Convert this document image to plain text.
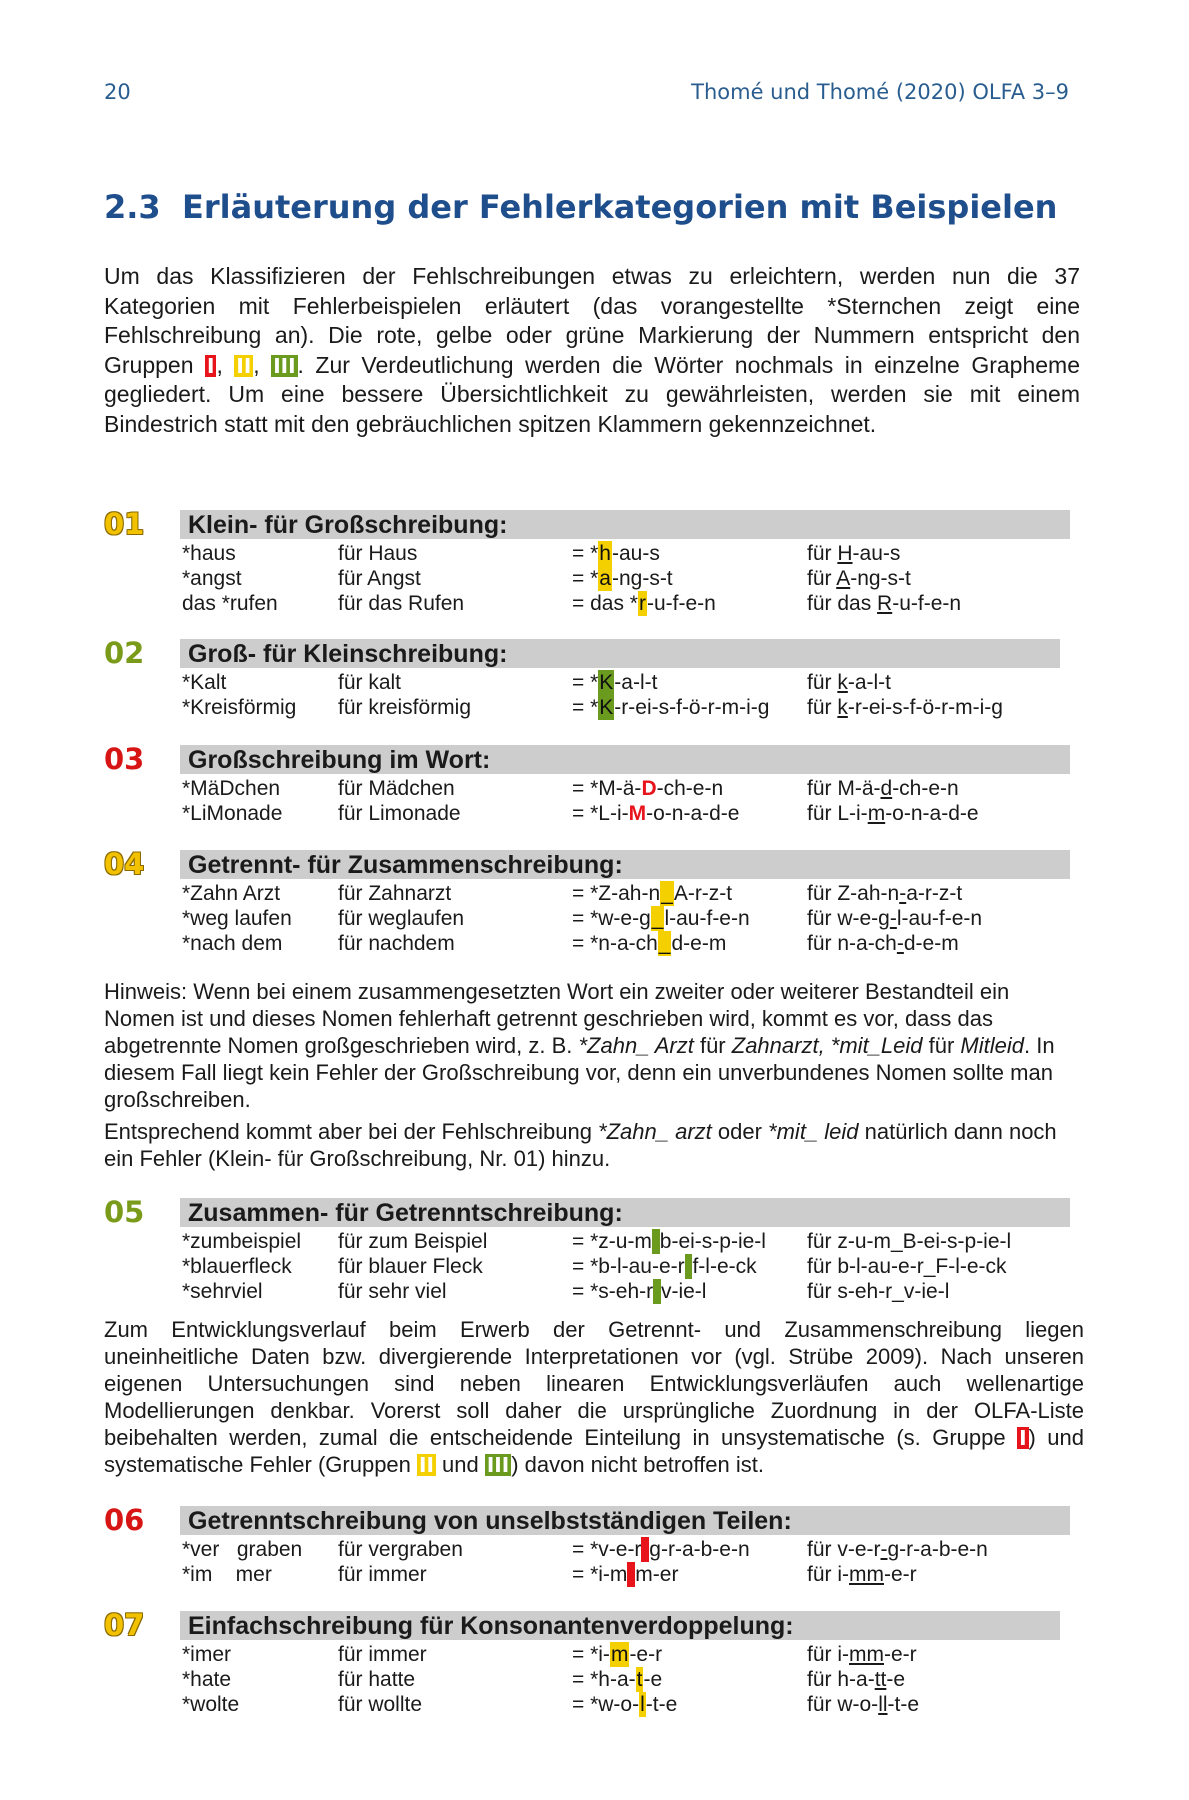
20	Thomé und Thomé (2020) OLFA 3–9
2.3 Erläuterung der Fehlerkategorien mit Beispielen
Um das Klassifizieren der Fehlschreibungen etwas zu erleichtern, werden nun die 37 Kategorien mit Fehlerbeispielen erläutert (das vorangestellte *Sternchen zeigt eine Fehlschreibung an). Die rote, gelbe oder grüne Markierung der Nummern entspricht den Gruppen I, II, III. Zur Verdeutlichung werden die Wörter nochmals in einzelne Grapheme gegliedert. Um eine bessere Übersichtlichkeit zu gewährleisten, werden sie mit einem Bindestrich statt mit den gebräuchlichen spitzen Klammern gekennzeichnet.
01	Klein- für Großschreibung:
*haus	für Haus	= *h-au-s	für H-au-s
*angst	für Angst	= *a-ng-s-t	für A-ng-s-t
das *rufen	für das Rufen	= das *r-u-f-e-n	für das R-u-f-e-n
02	Groß- für Kleinschreibung:
*Kalt	für kalt	= *K-a-l-t	für k-a-l-t
*Kreisförmig für kreisförmig	= *K-r-ei-s-f-ö-r-m-i-g für k-r-ei-s-f-ö-r-m-i-g
03	Großschreibung im Wort:
*MäDchen	für Mädchen	= *M-ä-D-ch-e-n	für M-ä-d-ch-e-n
*LiMonade	für Limonade	= *L-i-M-o-n-a-d-e	für L-i-m-o-n-a-d-e
04	Getrennt- für Zusammenschreibung:
*Zahn Arzt	für Zahnarzt	= *Z-ah-n_A-r-z-t	für Z-ah-n-a-r-z-t
*weg laufen für weglaufen	= *w-e-g_l-au-f-e-n	für w-e-g-l-au-f-e-n
*nach dem	für nachdem	= *n-a-ch_d-e-m	für n-a-ch-d-e-m
Hinweis: Wenn bei einem zusammengesetzten Wort ein zweiter oder weiterer Bestandteil ein Nomen ist und dieses Nomen fehlerhaft getrennt geschrieben wird, kommt es vor, dass das abgetrennte Nomen großgeschrieben wird, z. B. *Zahn_ Arzt für Zahnarzt, *mit_Leid für Mitleid. In diesem Fall liegt kein Fehler der Großschreibung vor, denn ein unverbundenes Nomen sollte man großschreiben.
Entsprechend kommt aber bei der Fehlschreibung *Zahn_ arzt oder *mit_ leid natürlich dann noch ein Fehler (Klein- für Großschreibung, Nr. 01) hinzu.
05	Zusammen- für Getrenntschreibung:
*zumbeispiel für zum Beispiel	= *z-u-m b-ei-s-p-ie-l für z-u-m_B-ei-s-p-ie-l
*blauerfleck für blauer Fleck	= *b-l-au-e-r f-l-e-ck für b-l-au-e-r_F-l-e-ck
*sehrviel	für sehr viel	= *s-eh-r v-ie-l	für s-eh-r_v-ie-l
Zum Entwicklungsverlauf beim Erwerb der Getrennt- und Zusammenschreibung liegen uneinheitliche Daten bzw. divergierende Interpretationen vor (vgl. Strübe 2009). Nach unseren eigenen Untersuchungen sind neben linearen Entwicklungsverläufen auch wellenartige Modellierungen denkbar. Vorerst soll daher die ursprüngliche Zuordnung in der OLFA-Liste beibehalten werden, zumal die entscheidende Einteilung in unsystematische (s. Gruppe I) und systematische Fehler (Gruppen II und III) davon nicht betroffen ist.
06	Getrenntschreibung von unselbstständigen Teilen:
*ver   graben für vergraben	= *v-e-r g-r-a-b-e-n	für v-e-r-g-r-a-b-e-n
*im    mer	für immer	= *i-m m-er	für i-mm-e-r
07	Einfachschreibung für Konsonantenverdoppelung:
*imer	für immer	= *i-m-e-r	für i-mm-e-r
*hate	für hatte	= *h-a-t-e	für h-a-tt-e
*wolte	für wollte	= *w-o-l-t-e	für w-o-ll-t-e
